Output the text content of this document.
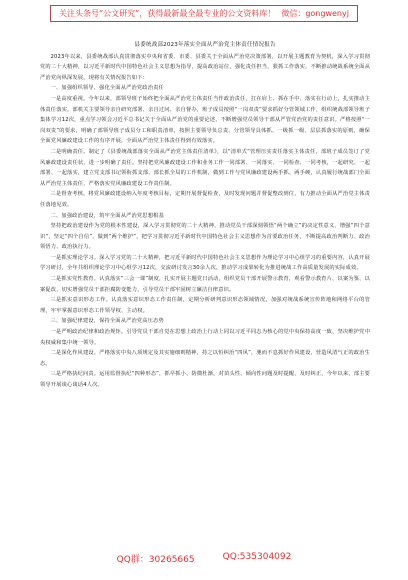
关注头条号“公文研究”，获得最新最全最专业的公文资料库！ 微信：gongwenyj
县委统战部2023年落实全面从严治党主体责任情况报告

2023年以来，县委统战部认真贯彻落实中央和省委、市委、县委关于全面从严治党决策部署，以开展主题教育为契机，深入学习贯彻党的二十大精神，以习近平新时代中国特色社会主义思想为指导，提高政治站位，强化责任担当，狠抓工作落实，不断推动统战系统全面从严治党向纵深发展。现将有关情况报告如下：

一、加强组织领导，强化全面从严治党政治责任

一是高度重视。今年以来，部领导班子始终把全面从严治党主体责任当作政治责任，扛在肩上、抓在手中、落实在行动上，扎实推动主体责任落实。部机关主要领导亲自研究部署、亲自过问、亲自督办，班子成员按照“一岗双责”要求抓好分管领域工作，组织统战部领导班子集体学习12次，重点学习领会习近平总书记关于全面从严治党的重要论述，不断增强党员领导干部从严管党治党的责任意识。严格按照“一岗双责”的要求，明确了部领导班子成员分工和职责清单，按照主要领导负总责、分管领导具体抓、一级抓一级、层层抓落实的原则，确保全面党风廉政建设工作的有序开展，全面从严治党主体责任得到有效落实。

二是明确责任。制定了《县委统战部落实全面从严治党主体责任清单》，以“清单式”管理压实责任落实主体责任，部班子成员签订了党风廉政建设责任状，进一步明确了责任。坚持把党风廉政建设工作和业务工作一同部署、一同落实、一同检查、一同考核，一起研究、一起部署、一起落实，建立党支部书记领衔抓支部、部长抓全局的工作机制，做到工作与党风廉政建设两手抓、两手硬，认真履行统战部门全面从严治党主体责任，严格落实党风廉政建设工作责任制。

三是督查考核。将党风廉政建设纳入年度考核目标，定期开展督促检查，及时发现问题并督促整改到位，有力推动全面从严治党主体责任落地见效。

二、加强政治建设，筑牢全面从严治党思想根基

坚持把政治建设作为党的根本性建设，深入学习贯彻党的二十大精神，推动党员干部深刻领悟“两个确立”的决定性意义，增强“四个意识”、坚定“四个自信”、做到“两个维护”，把学习贯彻习近平新时代中国特色社会主义思想作为首要政治任务，不断提高政治判断力、政治领悟力、政治执行力。

一是抓实理论学习。深入学习党的二十大精神，把习近平新时代中国特色社会主义思想作为理论学习中心组学习的重要内容，认真开展学习研讨，全年共组织理论学习中心组学习12次，交流研讨发言30余人次，推动学习成果转化为推进统战工作高质量发展的实际成效。

二是抓实党性教育。认真落实“三会一课”制度，扎实开展主题党日活动，组织党员干部开展警示教育，观看警示教育片，以案为鉴、以案促改，切实增强党员干部拒腐防变能力，引导党员干部牢固树立廉洁自律意识。

三是抓实意识形态工作。认真落实意识形态工作责任制，定期分析研判意识形态领域情况，加强对统战系统宣传阵地和网络平台的管理，牢牢掌握意识形态工作领导权、主动权。

三、加强纪律建设，保持全面从严治党高压态势

一是严明政治纪律和政治规矩。引导党员干部自觉在思想上政治上行动上同以习近平同志为核心的党中央保持高度一致，坚决维护党中央权威和集中统一领导。

二是深化作风建设。严格落实中央八项规定及其实施细则精神，持之以恒纠治“四风”，驰而不息抓好作风建设，营造风清气正的政治生态。

三是严格执纪问责。运用监督执纪“四种形态”，抓早抓小、防微杜渐，对苗头性、倾向性问题及时提醒、及时纠正，今年以来，部主要领导开展谈心谈话4人次。

QQ群：30265665	QQ:535304092
